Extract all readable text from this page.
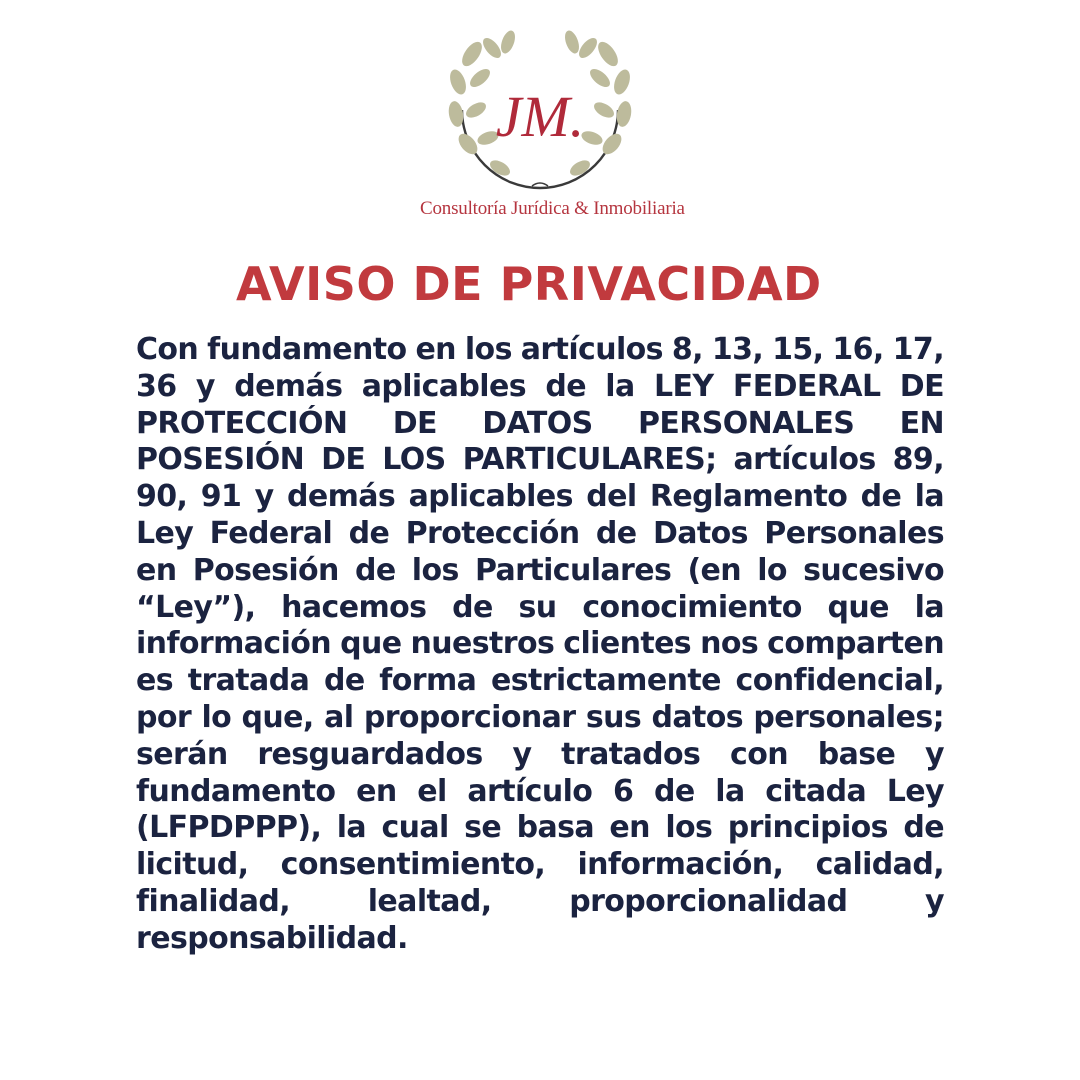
JM.
Consultoría Jurídica & Inmobiliaria
AVISO DE PRIVACIDAD

Con fundamento en los artículos 8, 13, 15, 16, 17, 36 y demás aplicables de la LEY FEDERAL DE PROTECCIÓN DE DATOS PERSONALES EN POSESIÓN DE LOS PARTICULARES; artículos 89, 90, 91 y demás aplicables del Reglamento de la Ley Federal de Protección de Datos Personales en Posesión de los Particulares (en lo sucesivo “Ley”), hacemos de su conocimiento que la información que nuestros clientes nos comparten es tratada de forma estrictamente confidencial, por lo que, al proporcionar sus datos personales; serán resguardados y tratados con base y fundamento en el artículo 6 de la citada Ley (LFPDPPP), la cual se basa en los principios de licitud, consentimiento, información, calidad, finalidad, lealtad, proporcionalidad y responsabilidad.
